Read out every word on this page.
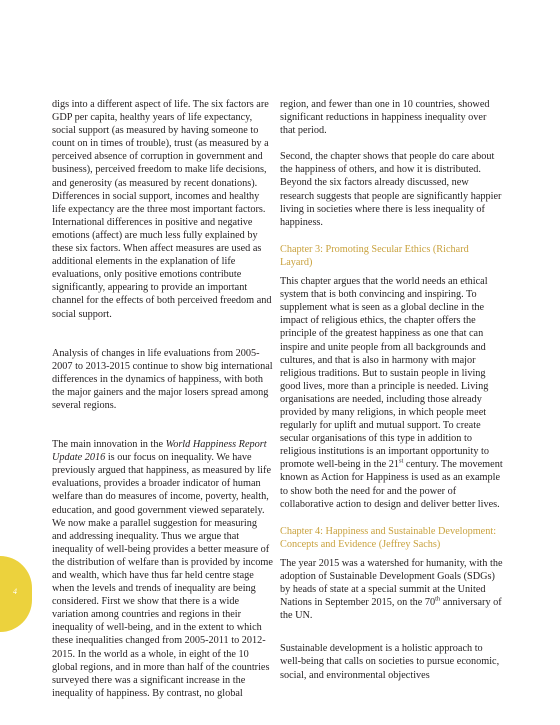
digs into a different aspect of life. The six factors are GDP per capita, healthy years of life expectancy, social support (as measured by having someone to count on in times of trouble), trust (as measured by a perceived absence of corruption in government and business), perceived freedom to make life decisions, and generosity (as measured by recent donations). Differences in social support, incomes and healthy life expectancy are the three most important factors. International differences in positive and negative emotions (affect) are much less fully explained by these six factors. When affect measures are used as additional elements in the explanation of life evaluations, only positive emotions contribute significantly, appearing to provide an important channel for the effects of both perceived freedom and social support.

Analysis of changes in life evaluations from 2005-2007 to 2013-2015 continue to show big international differences in the dynamics of happiness, with both the major gainers and the major losers spread among several regions.

The main innovation in the World Happiness Report Update 2016 is our focus on inequality. We have previously argued that happiness, as measured by life evaluations, provides a broader indicator of human welfare than do measures of income, poverty, health, education, and good government viewed separately. We now make a parallel suggestion for measuring and addressing inequality. Thus we argue that inequality of well-being provides a better measure of the distribution of welfare than is provided by income and wealth, which have thus far held centre stage when the levels and trends of inequality are being considered. First we show that there is a wide variation among countries and regions in their inequality of well-being, and in the extent to which these inequalities changed from 2005-2011 to 2012-2015. In the world as a whole, in eight of the 10 global regions, and in more than half of the countries surveyed there was a significant increase in the inequality of happiness. By contrast, no global

region, and fewer than one in 10 countries, showed significant reductions in happiness inequality over that period.

Second, the chapter shows that people do care about the happiness of others, and how it is distributed. Beyond the six factors already discussed, new research suggests that people are significantly happier living in societies where there is less inequality of happiness.

Chapter 3: Promoting Secular Ethics (Richard Layard)

This chapter argues that the world needs an ethical system that is both convincing and inspiring. To supplement what is seen as a global decline in the impact of religious ethics, the chapter offers the principle of the greatest happiness as one that can inspire and unite people from all backgrounds and cultures, and that is also in harmony with major religious traditions. But to sustain people in living good lives, more than a principle is needed. Living organisations are needed, including those already provided by many religions, in which people meet regularly for uplift and mutual support. To create secular organisations of this type in addition to religious institutions is an important opportunity to promote well-being in the 21st century. The movement known as Action for Happiness is used as an example to show both the need for and the power of collaborative action to design and deliver better lives.

Chapter 4: Happiness and Sustainable Development: Concepts and Evidence (Jeffrey Sachs)

The year 2015 was a watershed for humanity, with the adoption of Sustainable Development Goals (SDGs) by heads of state at a special summit at the United Nations in September 2015, on the 70th anniversary of the UN.

Sustainable development is a holistic approach to well-being that calls on societies to pursue economic, social, and environmental objectives

4
